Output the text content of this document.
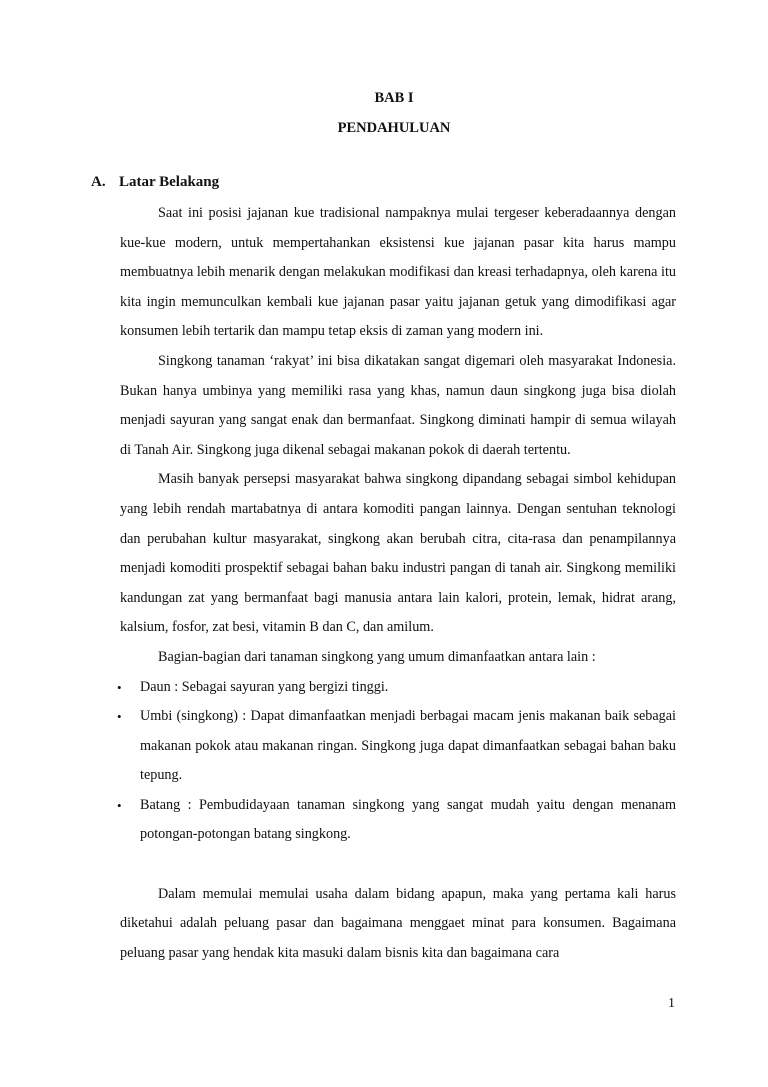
BAB I

PENDAHULUAN

A. Latar Belakang

Saat ini posisi jajanan kue tradisional nampaknya mulai tergeser keberadaannya dengan kue-kue modern, untuk mempertahankan eksistensi kue jajanan pasar kita harus mampu membuatnya lebih menarik dengan melakukan modifikasi dan kreasi terhadapnya, oleh karena itu kita ingin memunculkan kembali kue jajanan pasar yaitu jajanan getuk yang dimodifikasi agar konsumen lebih tertarik dan mampu tetap eksis di zaman yang modern ini.

Singkong tanaman ‘rakyat’ ini bisa dikatakan sangat digemari oleh masyarakat Indonesia. Bukan hanya umbinya yang memiliki rasa yang khas, namun daun singkong juga bisa diolah menjadi sayuran yang sangat enak dan bermanfaat. Singkong diminati hampir di semua wilayah di Tanah Air. Singkong juga dikenal sebagai makanan pokok di daerah tertentu.

Masih banyak persepsi masyarakat bahwa singkong dipandang sebagai simbol kehidupan yang lebih rendah martabatnya di antara komoditi pangan lainnya. Dengan sentuhan teknologi dan perubahan kultur masyarakat, singkong akan berubah citra, cita-rasa dan penampilannya menjadi komoditi prospektif sebagai bahan baku industri pangan di tanah air. Singkong memiliki kandungan zat yang bermanfaat bagi manusia antara lain kalori, protein, lemak, hidrat arang, kalsium, fosfor, zat besi, vitamin B dan C, dan amilum.

Bagian-bagian dari tanaman singkong yang umum dimanfaatkan antara lain :

• Daun : Sebagai sayuran yang bergizi tinggi.
• Umbi (singkong) : Dapat dimanfaatkan menjadi berbagai macam jenis makanan baik sebagai makanan pokok atau makanan ringan. Singkong juga dapat dimanfaatkan sebagai bahan baku tepung.
• Batang : Pembudidayaan tanaman singkong yang sangat mudah yaitu dengan menanam potongan-potongan batang singkong.

Dalam memulai memulai usaha dalam bidang apapun, maka yang pertama kali harus diketahui adalah peluang pasar dan bagaimana menggaet minat para konsumen. Bagaimana peluang pasar yang hendak kita masuki dalam bisnis kita dan bagaimana cara

1
